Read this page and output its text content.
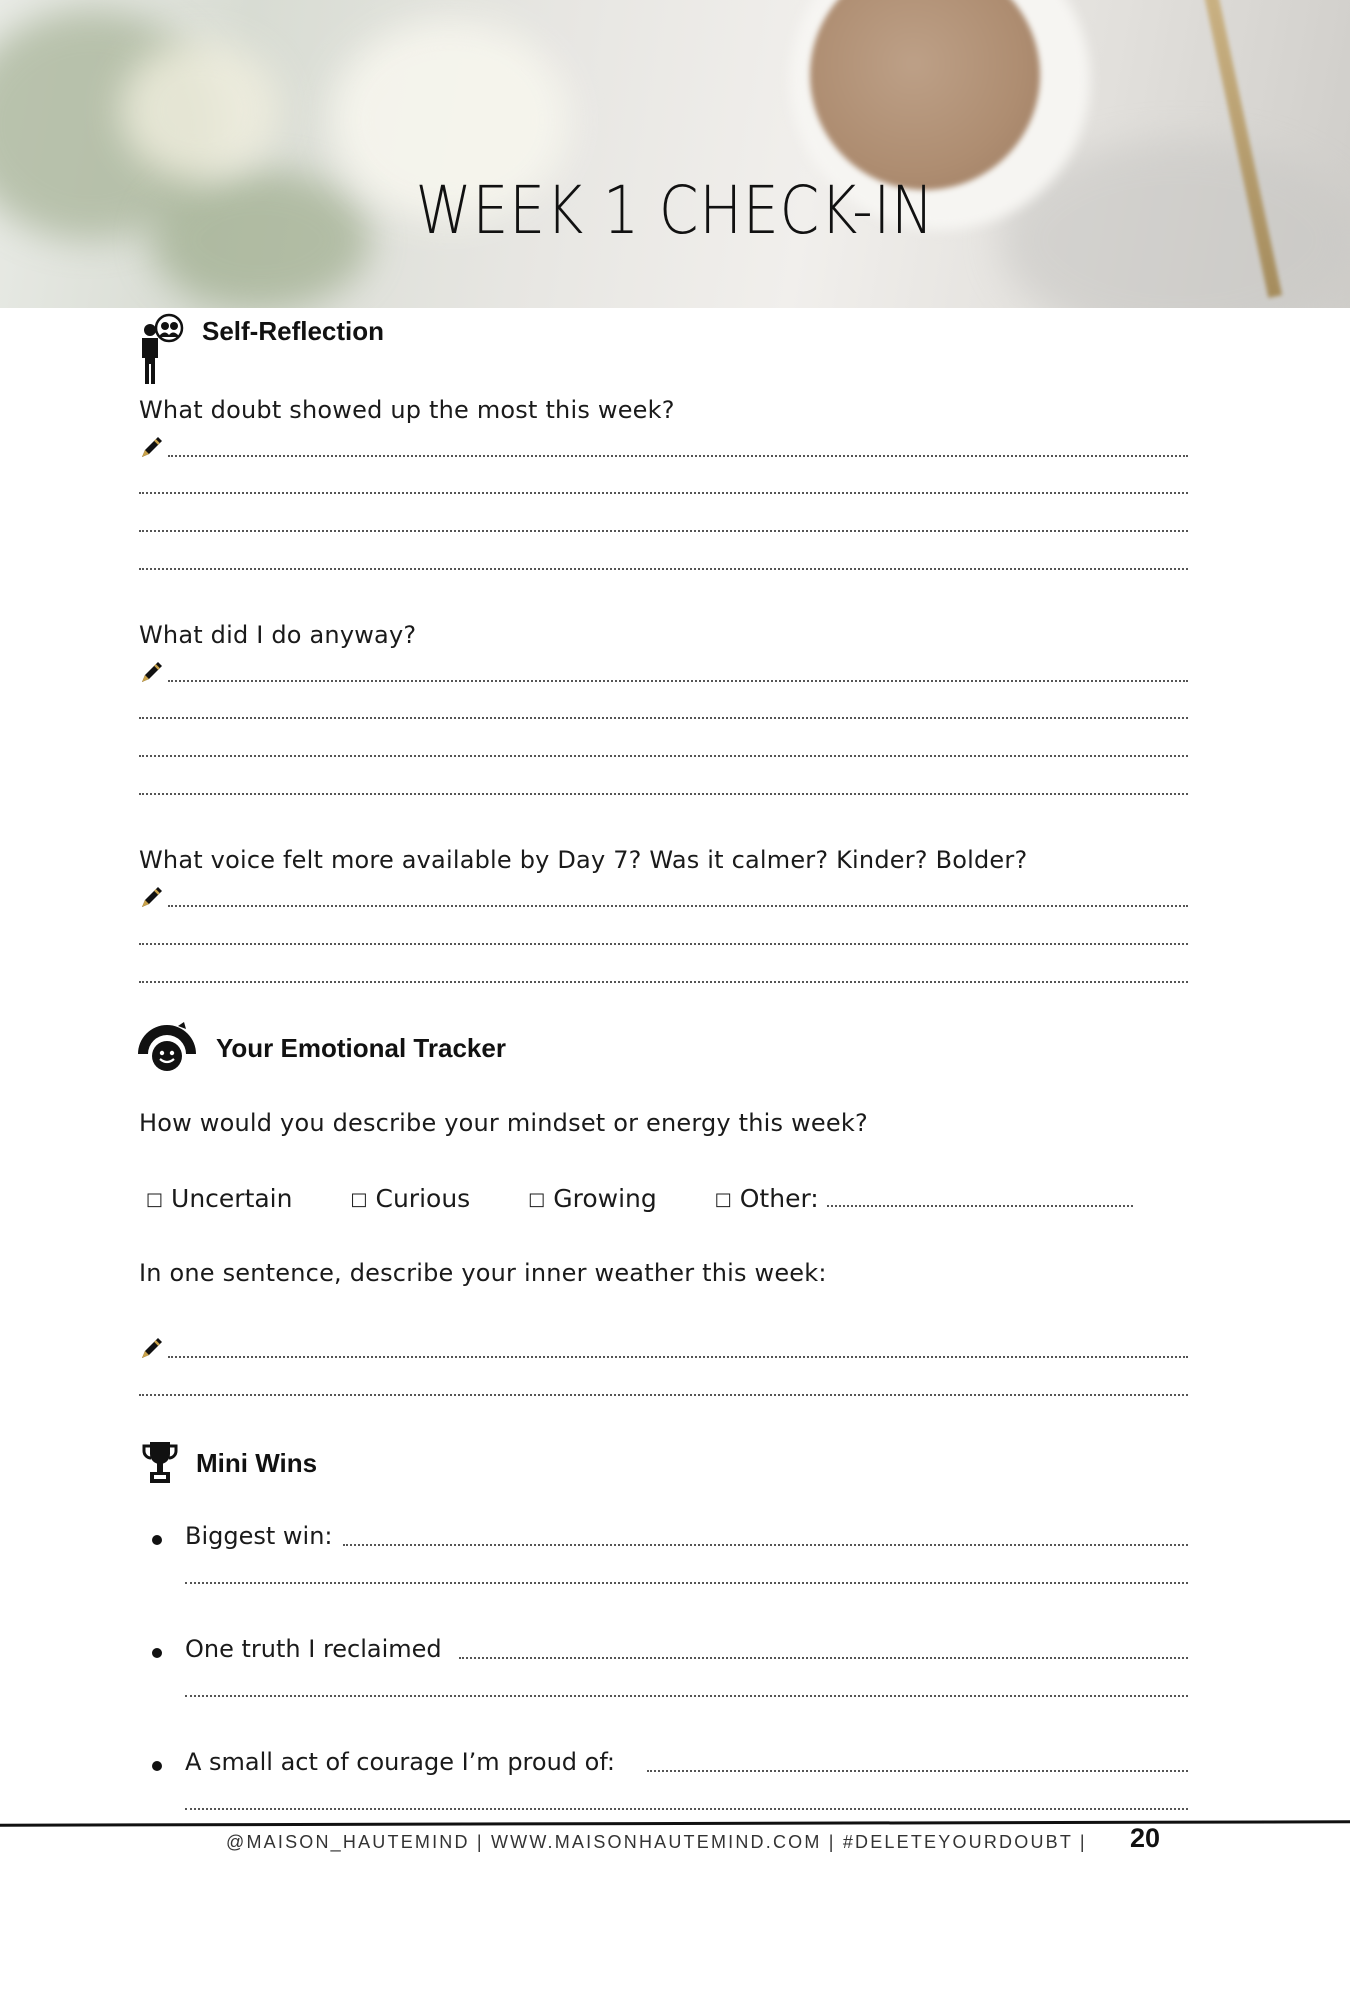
WEEK 1 CHECK-IN
Self-Reflection
What doubt showed up the most this week?
What did I do anyway?
What voice felt more available by Day 7? Was it calmer? Kinder? Bolder?
Your Emotional Tracker
How would you describe your mindset or energy this week?
□ Uncertain	□ Curious	□ Growing	□ Other:
In one sentence, describe your inner weather this week:
Mini Wins
Biggest win:
One truth I reclaimed
A small act of courage I’m proud of:
@MAISON_HAUTEMIND | WWW.MAISONHAUTEMIND.COM | #DELETEYOURDOUBT | 20
